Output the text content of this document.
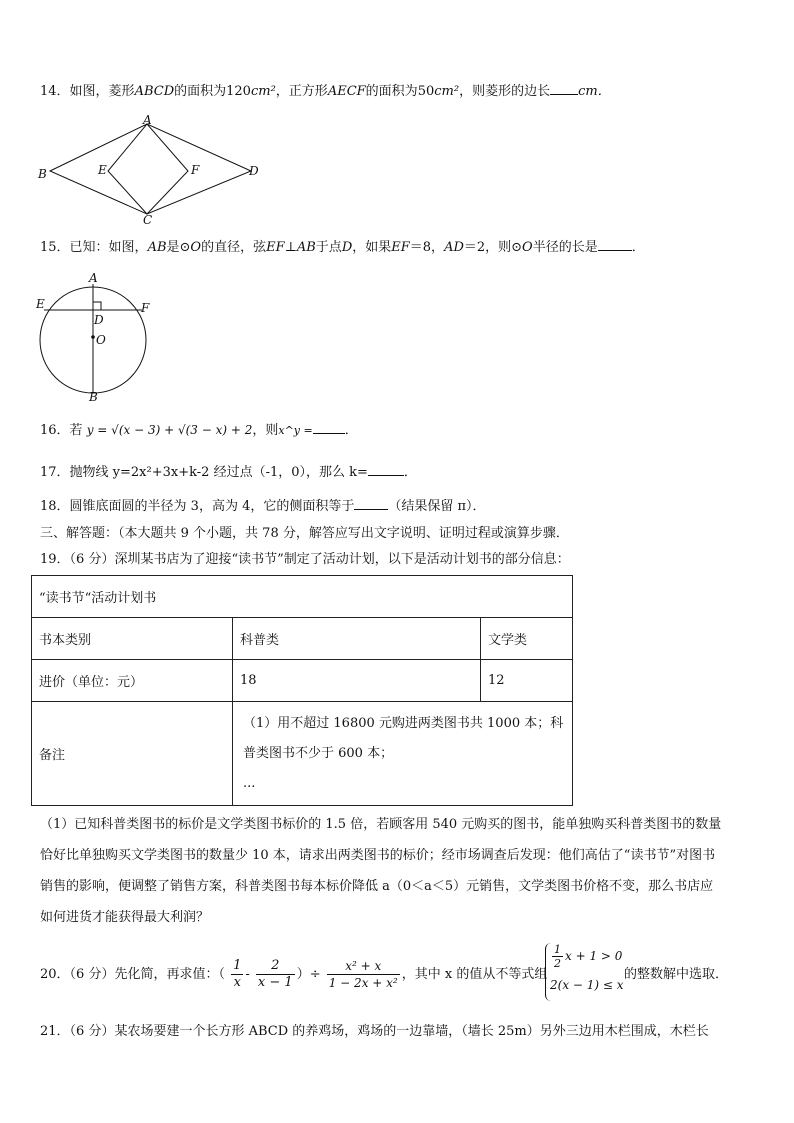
14．如图，菱形ABCD的面积为120cm²，正方形AECF的面积为50cm²，则菱形的边长 cm．
A
B
C
D
E	F
15．已知：如图，AB是⊙O的直径，弦EF⊥AB于点D，如果EF＝8，AD＝2，则⊙O半径的长是	．
A
B
E	F
D
O
16．若 y = √(x − 3) + √(3 − x) + 2，则x^y = ．
17．抛物线 y=2x²+3x+k-2 经过点（-1，0），那么 k=	．
18．圆锥底面圆的半径为 3，高为 4，它的侧面积等于	（结果保留 π）．
三、解答题：（本大题共 9 个小题，共 78 分，解答应写出文字说明、证明过程或演算步骤．
19．（6 分）深圳某书店为了迎接“读书节”制定了活动计划，以下是活动计划书的部分信息：
“读书节“活动计划书		
书本类别	科普类	文学类
进价（单位：元）	18	12
备注	（1）用不超过 16800 元购进两类图书共 1000 本；科
普类图书不少于 600 本；
...	
（1）已知科普类图书的标价是文学类图书标价的 1.5 倍，若顾客用 540 元购买的图书，能单独购买科普类图书的数量
恰好比单独购买文学类图书的数量少 10 本，请求出两类图书的标价；经市场调查后发现：他们高估了“读书节”对图书
销售的影响，便调整了销售方案，科普类图书每本标价降低 a（0＜a＜5）元销售，文学类图书价格不变，那么书店应
如何进货才能获得最大利润？
20．（6 分）先化简，再求值：（ $\frac{1}{x} - \frac{2}{x - 1}$ ）÷ $\frac{\text{x² + x}}{\text{1 − 2x + x²}}$ ，其中 x 的值从不等式组
$\frac{1}{2}$ x + 1 > 0
2(x − 1) ≤ x
的整数解中选取．
21．（6 分）某农场要建一个长方形 ABCD 的养鸡场，鸡场的一边靠墙，（墙长 25m）另外三边用木栏围成，木栏长
